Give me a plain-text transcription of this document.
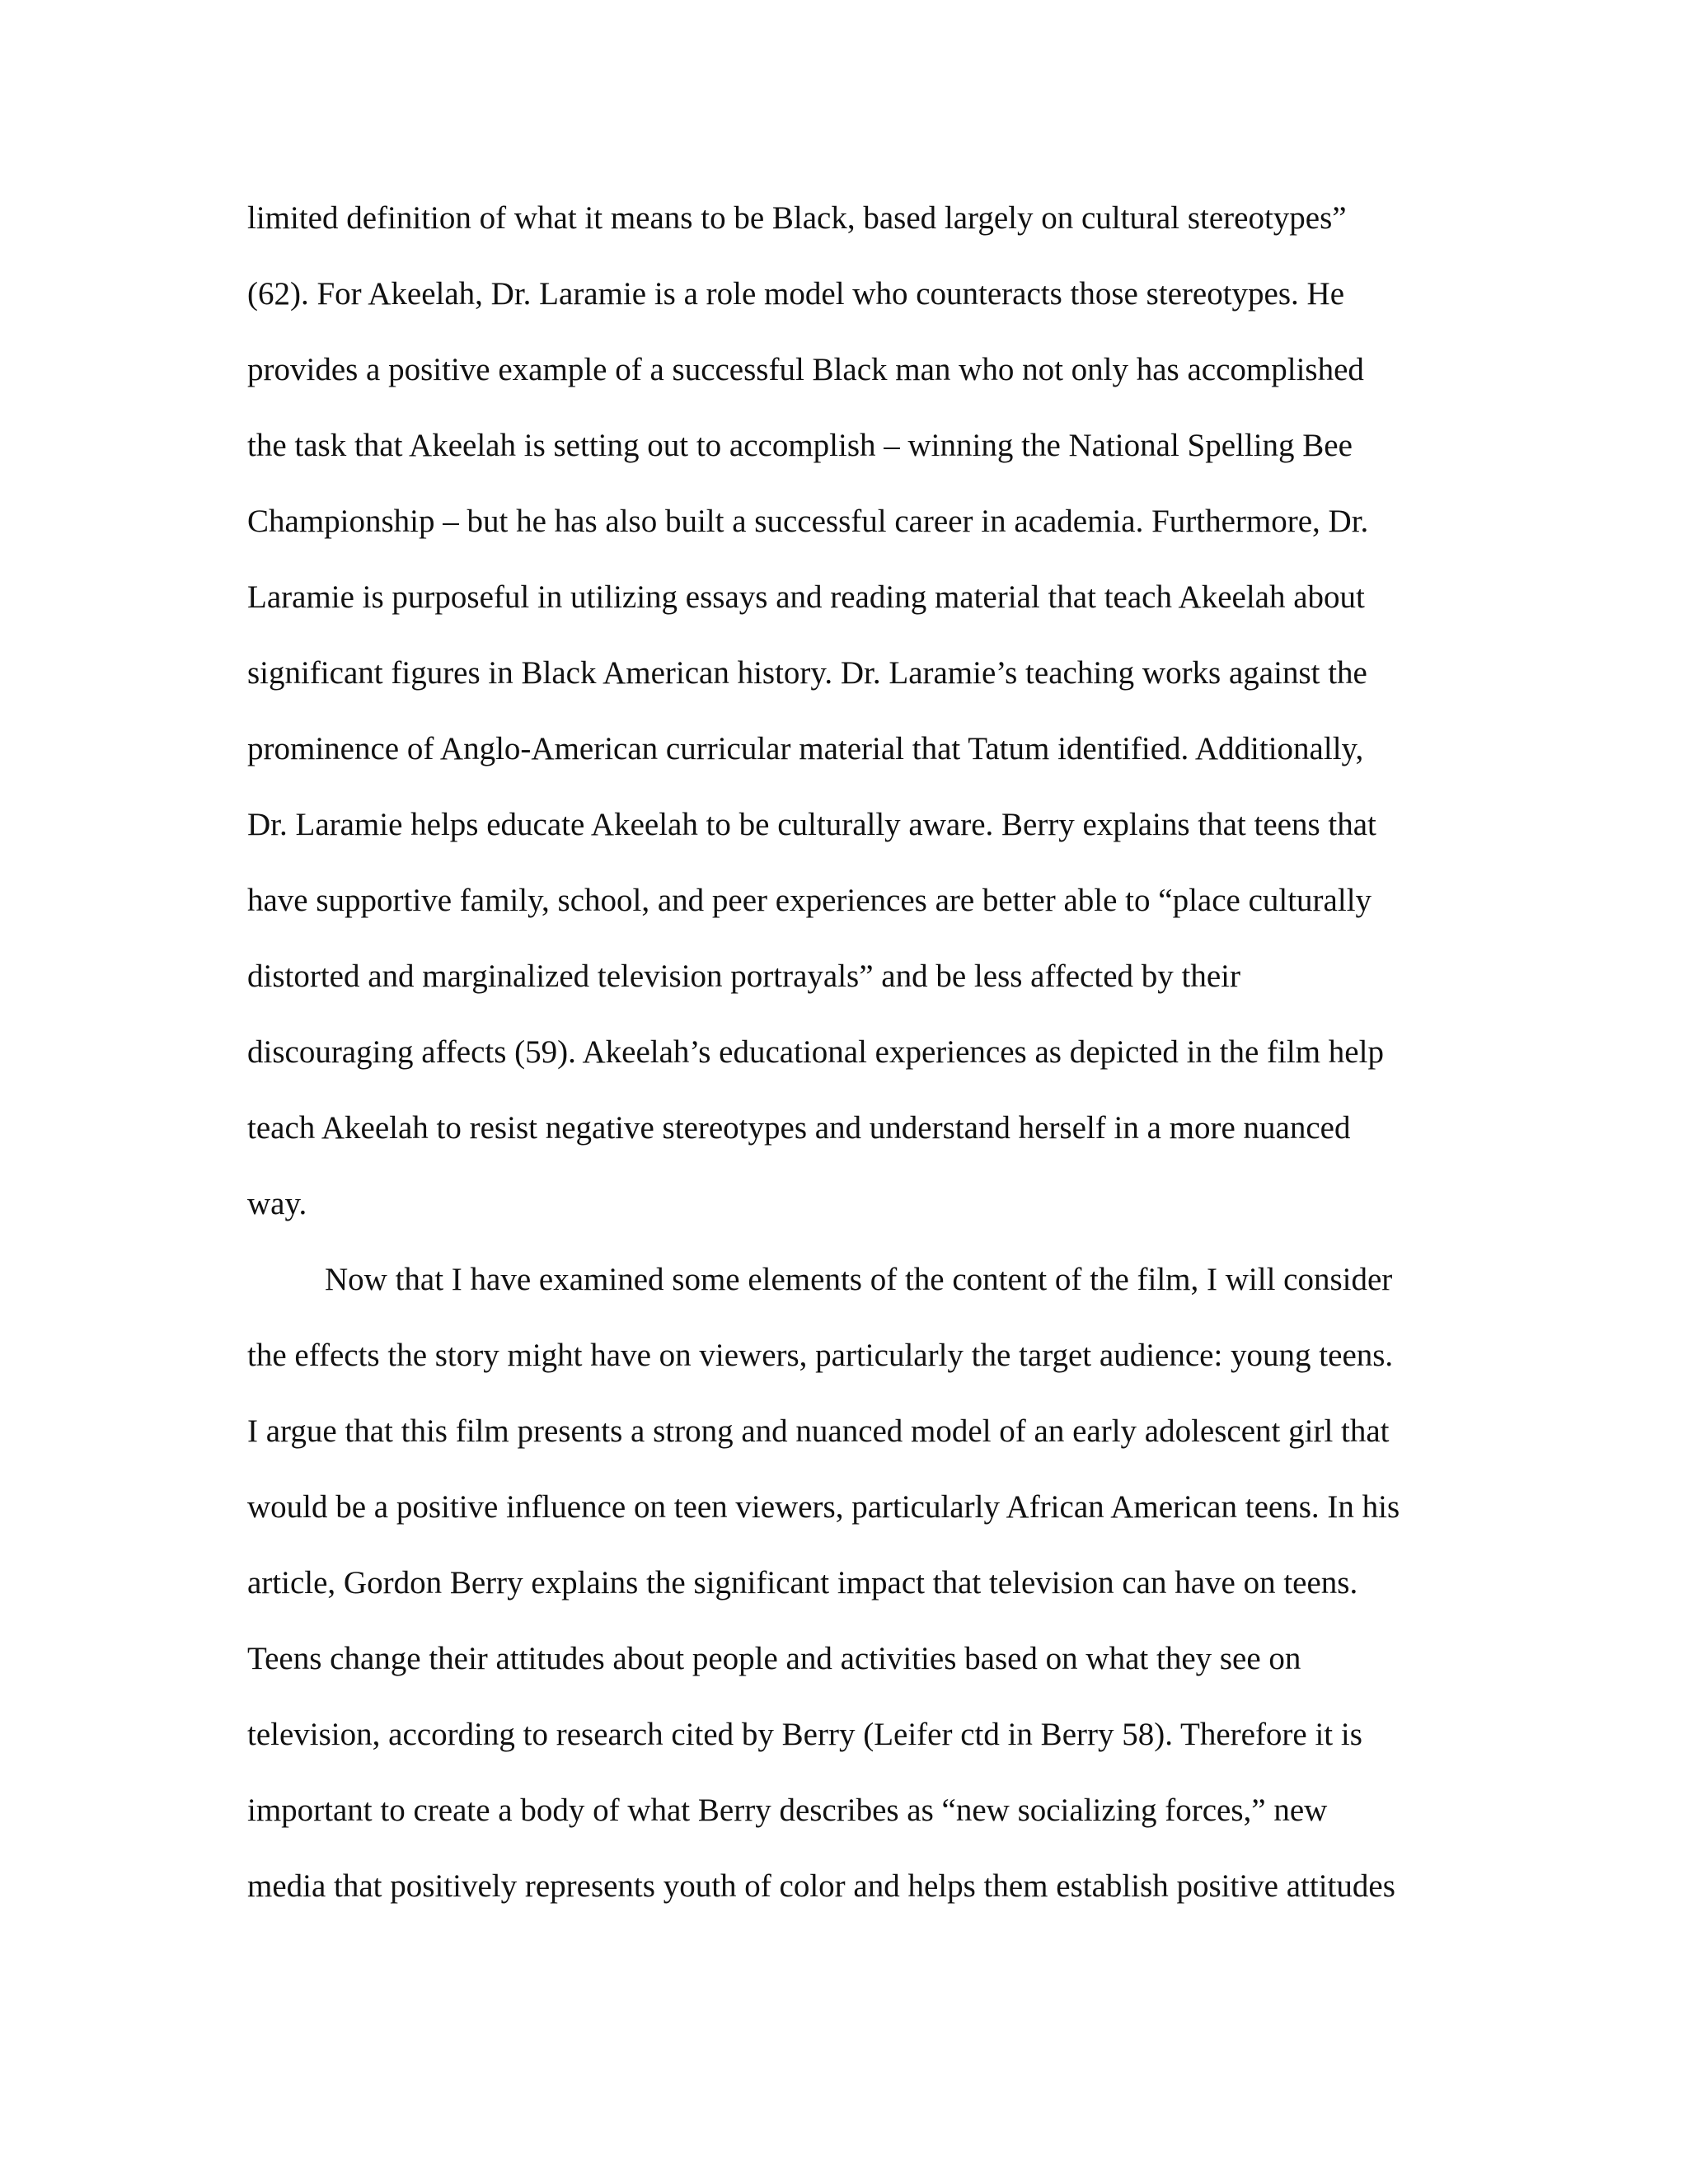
limited definition of what it means to be Black, based largely on cultural stereotypes”
(62). For Akeelah, Dr. Laramie is a role model who counteracts those stereotypes. He
provides a positive example of a successful Black man who not only has accomplished
the task that Akeelah is setting out to accomplish – winning the National Spelling Bee
Championship – but he has also built a successful career in academia. Furthermore, Dr.
Laramie is purposeful in utilizing essays and reading material that teach Akeelah about
significant figures in Black American history. Dr. Laramie’s teaching works against the
prominence of Anglo-American curricular material that Tatum identified. Additionally,
Dr. Laramie helps educate Akeelah to be culturally aware. Berry explains that teens that
have supportive family, school, and peer experiences are better able to “place culturally
distorted and marginalized television portrayals” and be less affected by their
discouraging affects (59). Akeelah’s educational experiences as depicted in the film help
teach Akeelah to resist negative stereotypes and understand herself in a more nuanced
way.
Now that I have examined some elements of the content of the film, I will consider
the effects the story might have on viewers, particularly the target audience: young teens.
I argue that this film presents a strong and nuanced model of an early adolescent girl that
would be a positive influence on teen viewers, particularly African American teens. In his
article, Gordon Berry explains the significant impact that television can have on teens.
Teens change their attitudes about people and activities based on what they see on
television, according to research cited by Berry (Leifer ctd in Berry 58). Therefore it is
important to create a body of what Berry describes as “new socializing forces,” new
media that positively represents youth of color and helps them establish positive attitudes
